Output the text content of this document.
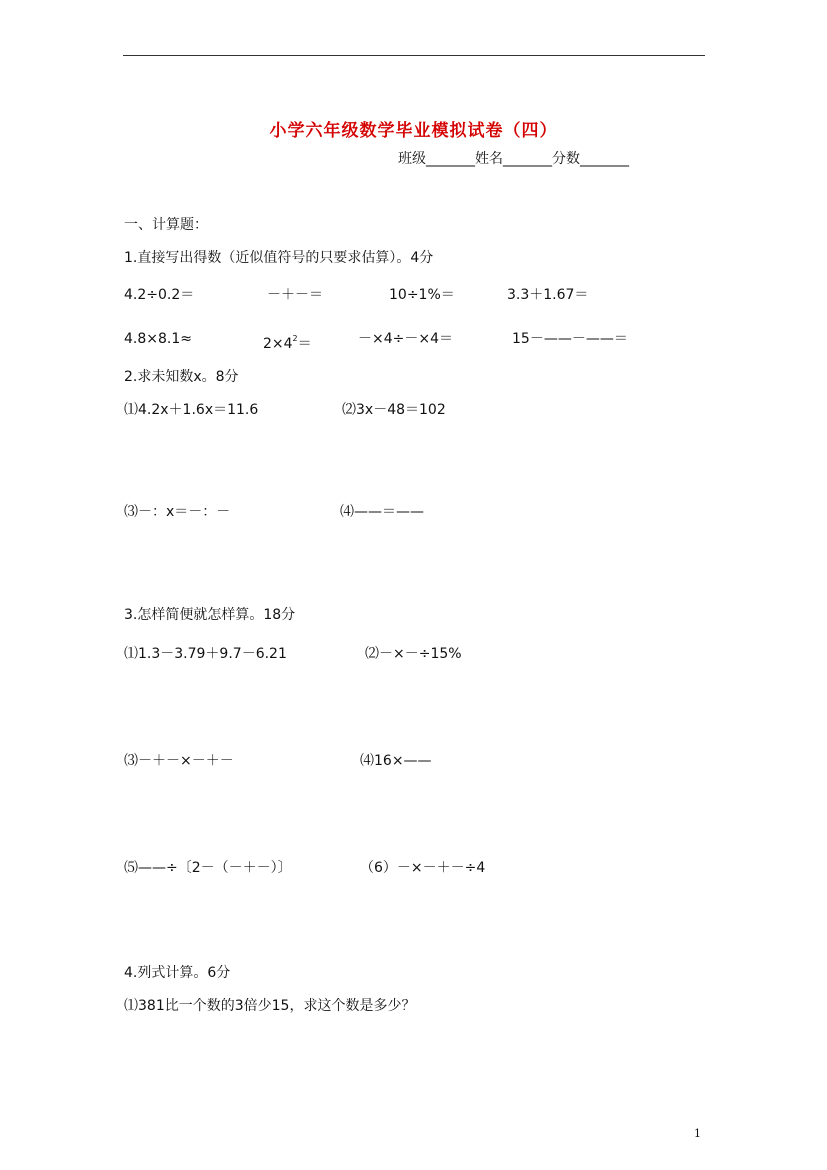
小学六年级数学毕业模拟试卷（四）
班级_______姓名_______分数_______
一、计算题：
1.直接写出得数（近似值符号的只要求估算）。4分
4.2÷0.2＝	－＋－＝	10÷1%＝	3.3＋1.67＝
4.8×8.1≈	$2\times 4^2=$	－×4÷－×4＝	15－——－——＝
2.求未知数x。8分
⑴4.2x＋1.6x＝11.6	⑵3x－48＝102
⑶－：x＝－：－	⑷——＝——
3.怎样简便就怎样算。18分
⑴1.3－3.79＋9.7－6.21	⑵－×－÷15%
⑶－＋－×－＋－	⑷16×——
⑸——÷〔2－（－＋－）〕	（6）－×－＋－÷4
4.列式计算。6分
⑴381比一个数的3倍少15，求这个数是多少？
1
